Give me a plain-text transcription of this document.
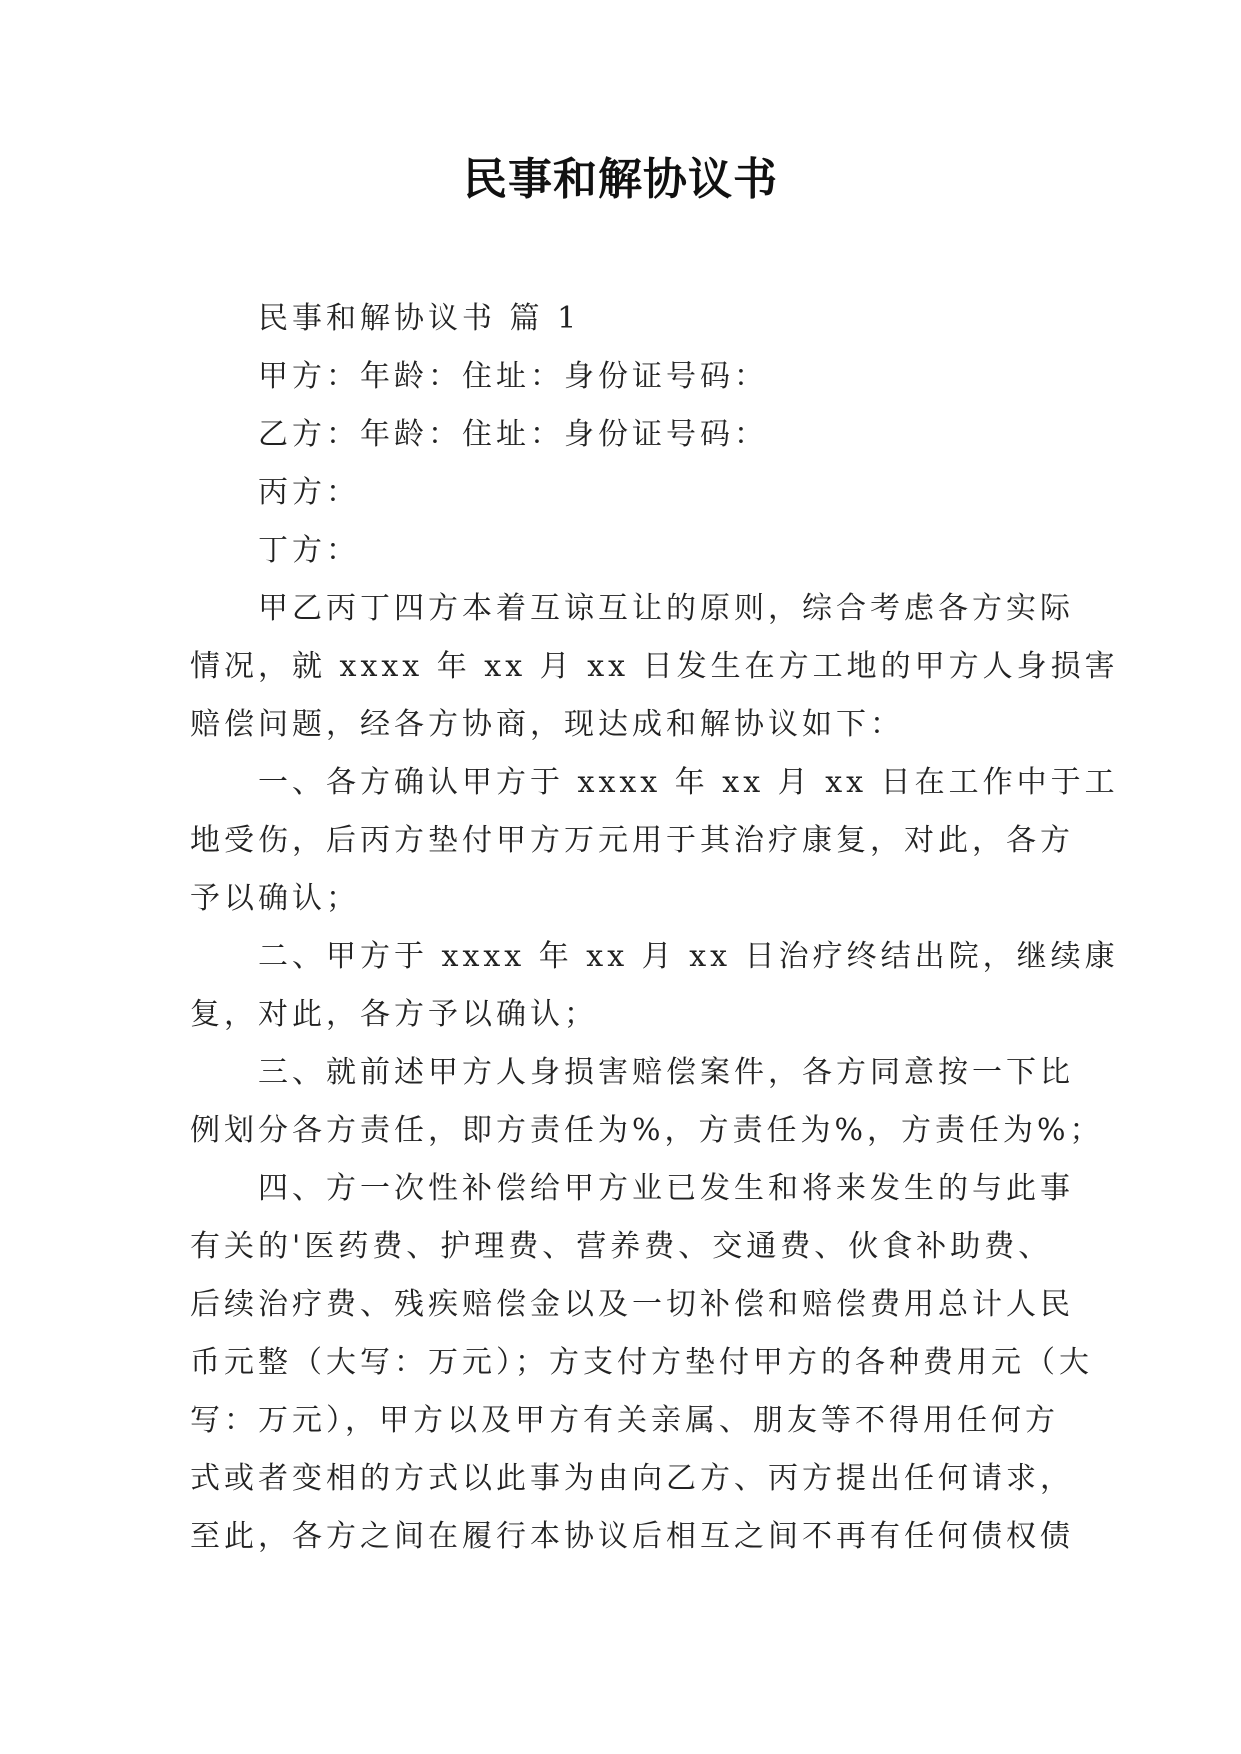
民事和解协议书
民事和解协议书 篇 1
甲方：年龄：住址：身份证号码：
乙方：年龄：住址：身份证号码：
丙方：
丁方：
甲乙丙丁四方本着互谅互让的原则，综合考虑各方实际
情况，就 xxxx 年 xx 月 xx 日发生在方工地的甲方人身损害
赔偿问题，经各方协商，现达成和解协议如下：
一、各方确认甲方于 xxxx 年 xx 月 xx 日在工作中于工
地受伤，后丙方垫付甲方万元用于其治疗康复，对此，各方
予以确认；
二、甲方于 xxxx 年 xx 月 xx 日治疗终结出院，继续康
复，对此，各方予以确认；
三、就前述甲方人身损害赔偿案件，各方同意按一下比
例划分各方责任，即方责任为%，方责任为%，方责任为%；
四、方一次性补偿给甲方业已发生和将来发生的与此事
有关的'医药费、护理费、营养费、交通费、伙食补助费、
后续治疗费、残疾赔偿金以及一切补偿和赔偿费用总计人民
币元整（大写：万元）；方支付方垫付甲方的各种费用元（大
写：万元），甲方以及甲方有关亲属、朋友等不得用任何方
式或者变相的方式以此事为由向乙方、丙方提出任何请求，
至此，各方之间在履行本协议后相互之间不再有任何债权债
